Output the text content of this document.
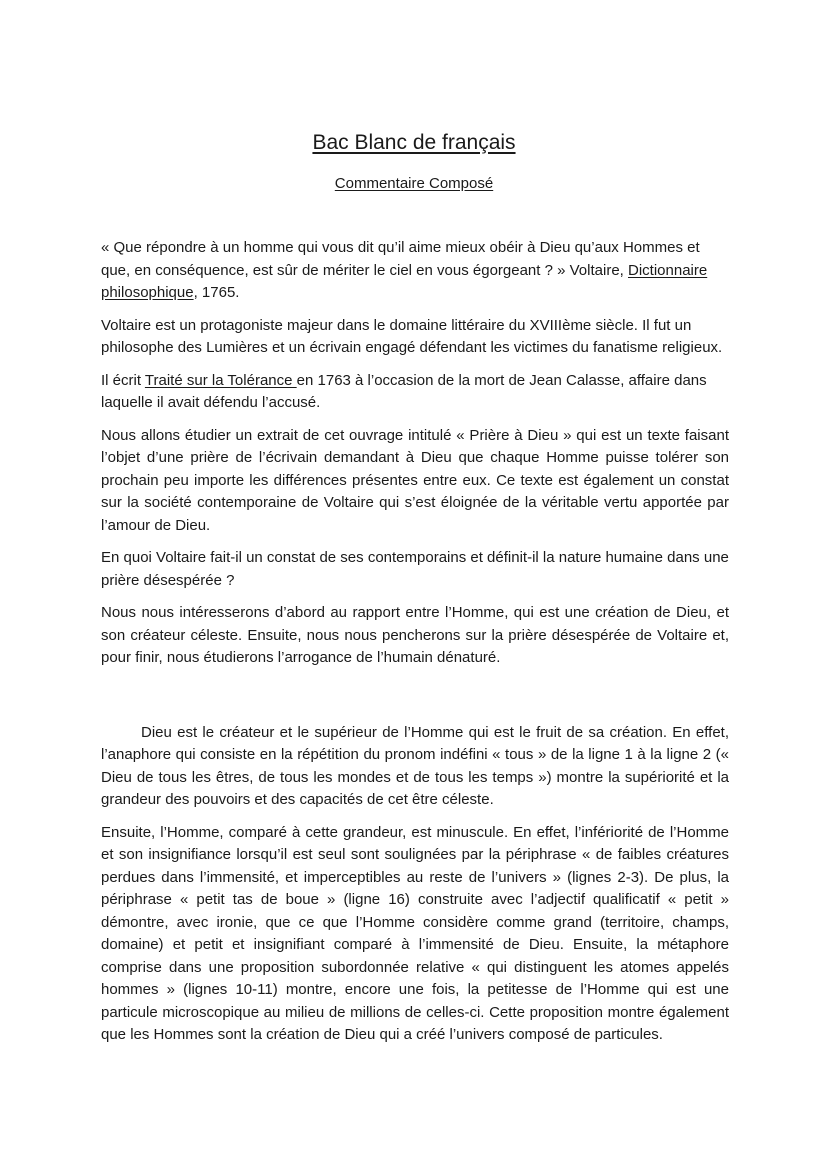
Bac Blanc de français
Commentaire Composé

« Que répondre à un homme qui vous dit qu’il aime mieux obéir à Dieu qu’aux Hommes et que, en conséquence, est sûr de mériter le ciel en vous égorgeant ? » Voltaire, Dictionnaire philosophique, 1765.

Voltaire est un protagoniste majeur dans le domaine littéraire du XVIIIème siècle. Il fut un philosophe des Lumières et un écrivain engagé défendant les victimes du fanatisme religieux.

Il écrit Traité sur la Tolérance en 1763 à l’occasion de la mort de Jean Calasse, affaire dans laquelle il avait défendu l’accusé.

Nous allons étudier un extrait de cet ouvrage intitulé « Prière à Dieu » qui est un texte faisant l’objet d’une prière de l’écrivain demandant à Dieu que chaque Homme puisse tolérer son prochain peu importe les différences présentes entre eux. Ce texte est également un constat sur la société contemporaine de Voltaire qui s’est éloignée de la véritable vertu apportée par l’amour de Dieu.

En quoi Voltaire fait-il un constat de ses contemporains et définit-il la nature humaine dans une prière désespérée ?

Nous nous intéresserons d’abord au rapport entre l’Homme, qui est une création de Dieu, et son créateur céleste. Ensuite, nous nous pencherons sur la prière désespérée de Voltaire et, pour finir, nous étudierons l’arrogance de l’humain dénaturé.

Dieu est le créateur et le supérieur de l’Homme qui est le fruit de sa création. En effet, l’anaphore qui consiste en la répétition du pronom indéfini « tous » de la ligne 1 à la ligne 2 (« Dieu de tous les êtres, de tous les mondes et de tous les temps ») montre la supériorité et la grandeur des pouvoirs et des capacités de cet être céleste.

Ensuite, l’Homme, comparé à cette grandeur, est minuscule. En effet, l’infériorité de l’Homme et son insignifiance lorsqu’il est seul sont soulignées par la périphrase « de faibles créatures perdues dans l’immensité, et imperceptibles au reste de l’univers » (lignes 2-3). De plus, la périphrase « petit tas de boue » (ligne 16) construite avec l’adjectif qualificatif « petit » démontre, avec ironie, que ce que l’Homme considère comme grand (territoire, champs, domaine) et petit et insignifiant comparé à l’immensité de Dieu. Ensuite, la métaphore comprise dans une proposition subordonnée relative « qui distinguent les atomes appelés hommes » (lignes 10-11) montre, encore une fois, la petitesse de l’Homme qui est une particule microscopique au milieu de millions de celles-ci. Cette proposition montre également que les Hommes sont la création de Dieu qui a créé l’univers composé de particules.
